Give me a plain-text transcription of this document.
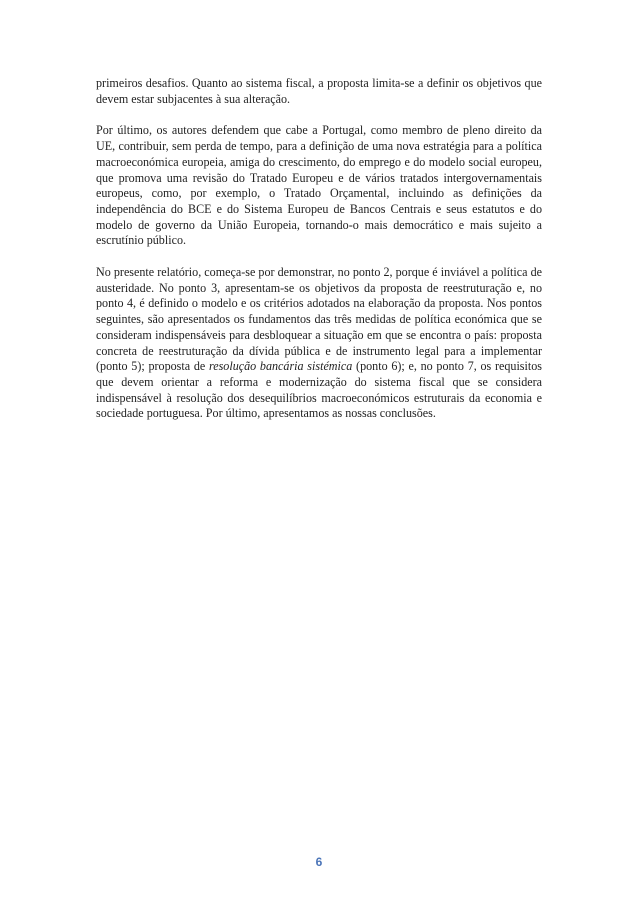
primeiros desafios. Quanto ao sistema fiscal, a proposta limita-se a definir os objetivos que devem estar subjacentes à sua alteração.

Por último, os autores defendem que cabe a Portugal, como membro de pleno direito da UE, contribuir, sem perda de tempo, para a definição de uma nova estratégia para a política macroeconómica europeia, amiga do crescimento, do emprego e do modelo social europeu, que promova uma revisão do Tratado Europeu e de vários tratados intergovernamentais europeus, como, por exemplo, o Tratado Orçamental, incluindo as definições da independência do BCE e do Sistema Europeu de Bancos Centrais e seus estatutos e do modelo de governo da União Europeia, tornando-o mais democrático e mais sujeito a escrutínio público.

No presente relatório, começa-se por demonstrar, no ponto 2, porque é inviável a política de austeridade. No ponto 3, apresentam-se os objetivos da proposta de reestruturação e, no ponto 4, é definido o modelo e os critérios adotados na elaboração da proposta. Nos pontos seguintes, são apresentados os fundamentos das três medidas de política económica que se consideram indispensáveis para desbloquear a situação em que se encontra o país: proposta concreta de reestruturação da dívida pública e de instrumento legal para a implementar (ponto 5); proposta de resolução bancária sistémica (ponto 6); e, no ponto 7, os requisitos que devem orientar a reforma e modernização do sistema fiscal que se considera indispensável à resolução dos desequilíbrios macroeconómicos estruturais da economia e sociedade portuguesa. Por último, apresentamos as nossas conclusões.

6
